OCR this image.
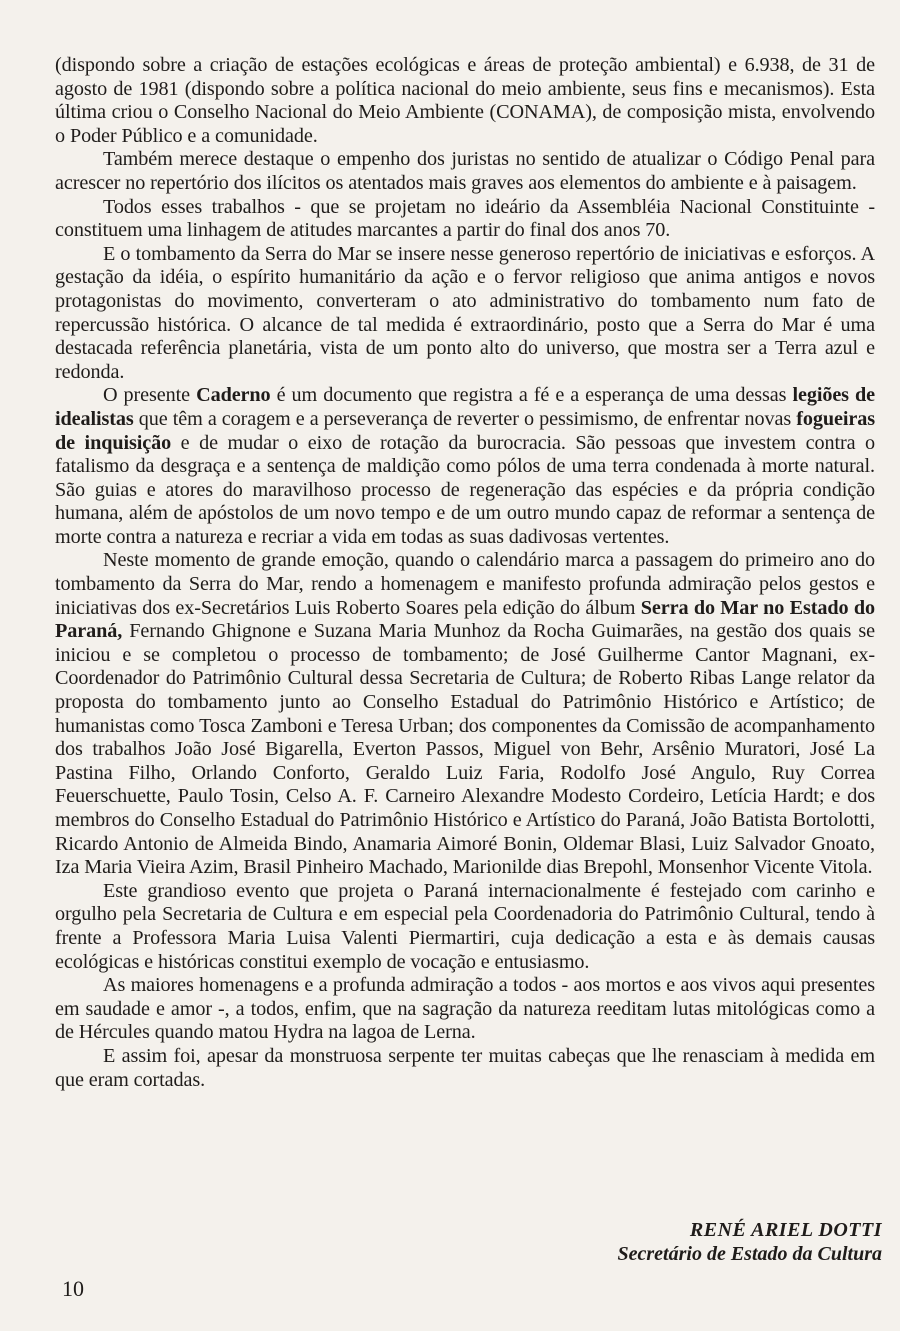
(dispondo sobre a criação de estações ecológicas e áreas de proteção ambiental) e 6.938, de 31 de agosto de 1981 (dispondo sobre a política nacional do meio ambiente, seus fins e mecanismos). Esta última criou o Conselho Nacional do Meio Ambiente (CONAMA), de composição mista, envolvendo o Poder Público e a comunidade.

Também merece destaque o empenho dos juristas no sentido de atualizar o Código Penal para acrescer no repertório dos ilícitos os atentados mais graves aos elementos do ambiente e à paisagem.

Todos esses trabalhos - que se projetam no ideário da Assembléia Nacional Constituinte - constituem uma linhagem de atitudes marcantes a partir do final dos anos 70.

E o tombamento da Serra do Mar se insere nesse generoso repertório de iniciativas e esforços. A gestação da idéia, o espírito humanitário da ação e o fervor religioso que anima antigos e novos protagonistas do movimento, converteram o ato administrativo do tombamento num fato de repercussão histórica. O alcance de tal medida é extraordinário, posto que a Serra do Mar é uma destacada referência planetária, vista de um ponto alto do universo, que mostra ser a Terra azul e redonda.

O presente Caderno é um documento que registra a fé e a esperança de uma dessas legiões de idealistas que têm a coragem e a perseverança de reverter o pessimismo, de enfrentar novas fogueiras de inquisição e de mudar o eixo de rotação da burocracia. São pessoas que investem contra o fatalismo da desgraça e a sentença de maldição como pólos de uma terra condenada à morte natural. São guias e atores do maravilhoso processo de regeneração das espécies e da própria condição humana, além de apóstolos de um novo tempo e de um outro mundo capaz de reformar a sentença de morte contra a natureza e recriar a vida em todas as suas dadivosas vertentes.

Neste momento de grande emoção, quando o calendário marca a passagem do primeiro ano do tombamento da Serra do Mar, rendo a homenagem e manifesto profunda admiração pelos gestos e iniciativas dos ex-Secretários Luis Roberto Soares pela edição do álbum Serra do Mar no Estado do Paraná, Fernando Ghignone e Suzana Maria Munhoz da Rocha Guimarães, na gestão dos quais se iniciou e se completou o processo de tombamento; de José Guilherme Cantor Magnani, ex-Coordenador do Patrimônio Cultural dessa Secretaria de Cultura; de Roberto Ribas Lange relator da proposta do tombamento junto ao Conselho Estadual do Patrimônio Histórico e Artístico; de humanistas como Tosca Zamboni e Teresa Urban; dos componentes da Comissão de acompanhamento dos trabalhos João José Bigarella, Everton Passos, Miguel von Behr, Arsênio Muratori, José La Pastina Filho, Orlando Conforto, Geraldo Luiz Faria, Rodolfo José Angulo, Ruy Correa Feuerschuette, Paulo Tosin, Celso A. F. Carneiro Alexandre Modesto Cordeiro, Letícia Hardt; e dos membros do Conselho Estadual do Patrimônio Histórico e Artístico do Paraná, João Batista Bortolotti, Ricardo Antonio de Almeida Bindo, Anamaria Aimoré Bonin, Oldemar Blasi, Luiz Salvador Gnoato, Iza Maria Vieira Azim, Brasil Pinheiro Machado, Marionilde dias Brepohl, Monsenhor Vicente Vitola.

Este grandioso evento que projeta o Paraná internacionalmente é festejado com carinho e orgulho pela Secretaria de Cultura e em especial pela Coordenadoria do Patrimônio Cultural, tendo à frente a Professora Maria Luisa Valenti Piermartiri, cuja dedicação a esta e às demais causas ecológicas e históricas constitui exemplo de vocação e entusiasmo.

As maiores homenagens e a profunda admiração a todos - aos mortos e aos vivos aqui presentes em saudade e amor -, a todos, enfim, que na sagração da natureza reeditam lutas mitológicas como a de Hércules quando matou Hydra na lagoa de Lerna.

E assim foi, apesar da monstruosa serpente ter muitas cabeças que lhe renasciam à medida em que eram cortadas.

RENÉ ARIEL DOTTI
Secretário de Estado da Cultura
10
